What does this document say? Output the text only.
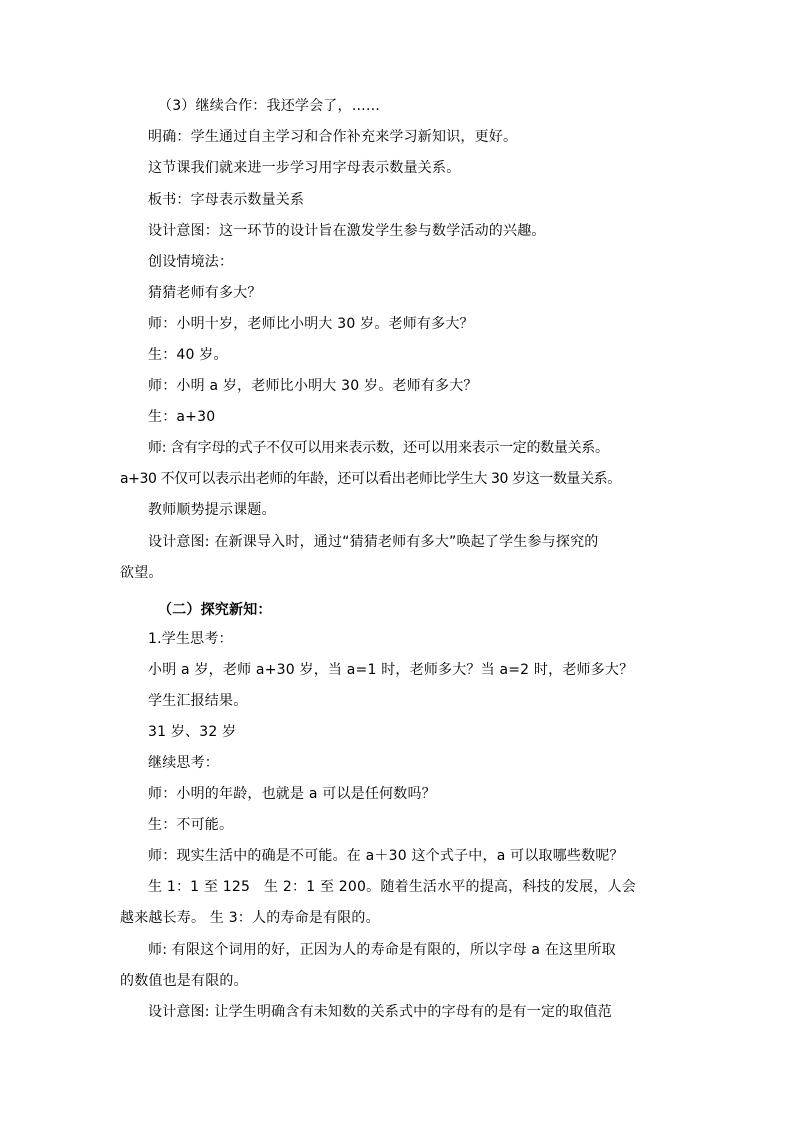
（3）继续合作：我还学会了，……
明确：学生通过自主学习和合作补充来学习新知识，更好。
这节课我们就来进一步学习用字母表示数量关系。
板书：字母表示数量关系
设计意图：这一环节的设计旨在激发学生参与数学活动的兴趣。
创设情境法：
猜猜老师有多大？
师：小明十岁，老师比小明大 30 岁。老师有多大？
生：40 岁。
师：小明 a 岁，老师比小明大 30 岁。老师有多大？
生：a+30
师: 含有字母的式子不仅可以用来表示数，还可以用来表示一定的数量关系。
a+30 不仅可以表示出老师的年龄，还可以看出老师比学生大 30 岁这一数量关系。
教师顺势提示课题。
设计意图: 在新课导入时，通过“猜猜老师有多大”唤起了学生参与探究的
欲望。
（二）探究新知：
1.学生思考：
小明 a 岁，老师 a+30 岁，当 a=1 时，老师多大？当 a=2 时，老师多大？
学生汇报结果。
31 岁、32 岁
继续思考：
师：小明的年龄，也就是 a 可以是任何数吗？
生：不可能。
师：现实生活中的确是不可能。在 a＋30 这个式子中，a 可以取哪些数呢？
生 1：1 至 125   生 2：1 至 200。随着生活水平的提高，科技的发展，人会
越来越长寿。 生 3：人的寿命是有限的。
师: 有限这个词用的好，正因为人的寿命是有限的，所以字母 a 在这里所取
的数值也是有限的。
设计意图: 让学生明确含有未知数的关系式中的字母有的是有一定的取值范
